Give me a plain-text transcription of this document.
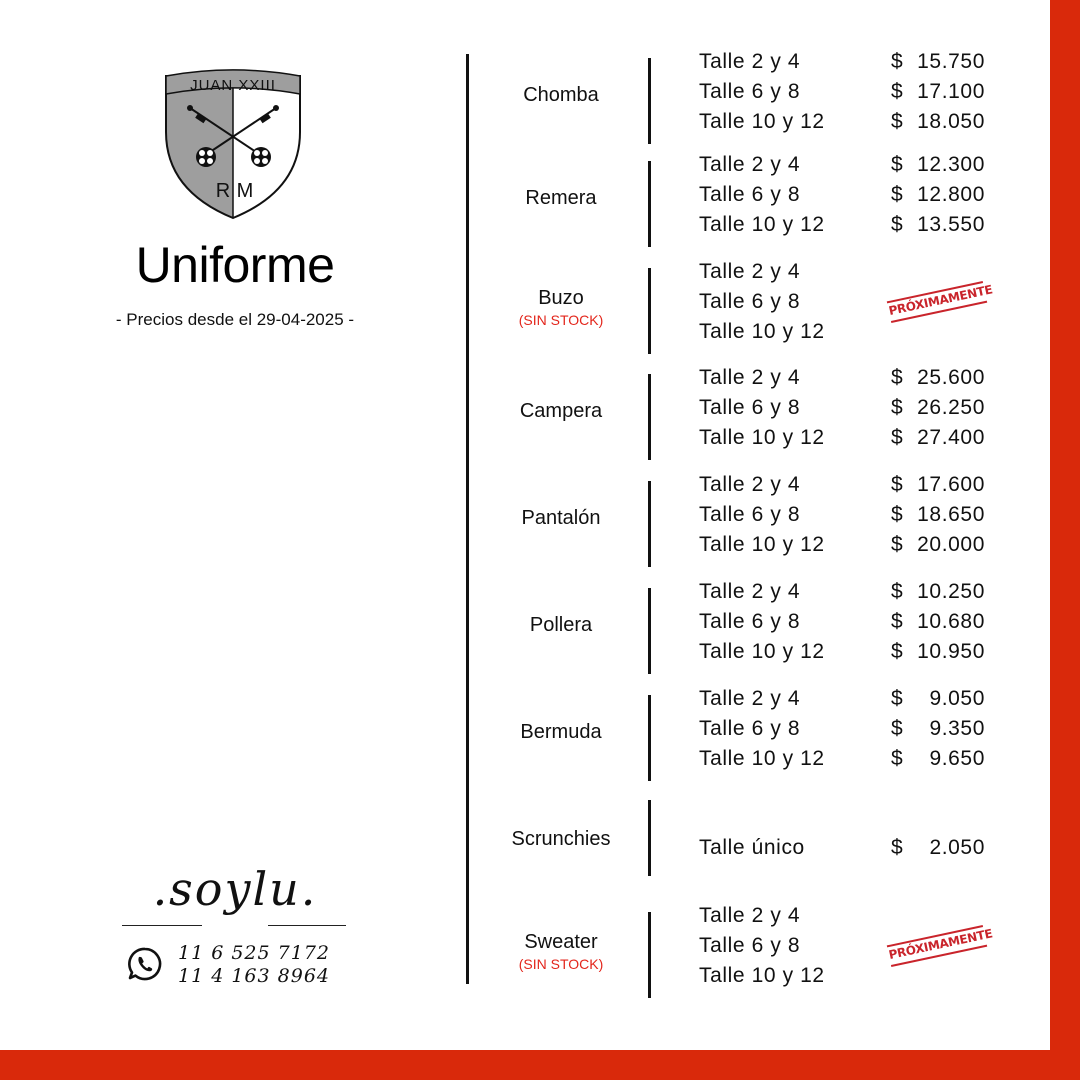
JUAN XXIII
R M
Uniforme
- Precios desde el 29-04-2025 -
.soylu.
11 6 525 7172
11 4 163 8964
Chomba
Talle 2 y 4	$ 15.750
Talle 6 y 8	$ 17.100
Talle 10 y 12	$ 18.050
Remera
Talle 2 y 4	$ 12.300
Talle 6 y 8	$ 12.800
Talle 10 y 12	$ 13.550
Buzo
(SIN STOCK)
Talle 2 y 4
Talle 6 y 8
Talle 10 y 12
PRÓXIMAMENTE
Campera
Talle 2 y 4	$ 25.600
Talle 6 y 8	$ 26.250
Talle 10 y 12	$ 27.400
Pantalón
Talle 2 y 4	$ 17.600
Talle 6 y 8	$ 18.650
Talle 10 y 12	$ 20.000
Pollera
Talle 2 y 4	$ 10.250
Talle 6 y 8	$ 10.680
Talle 10 y 12	$ 10.950
Bermuda
Talle 2 y 4	$ 9.050
Talle 6 y 8	$ 9.350
Talle 10 y 12	$ 9.650
Scrunchies	Talle único	$ 2.050
Sweater
(SIN STOCK)
Talle 2 y 4
Talle 6 y 8
Talle 10 y 12
PRÓXIMAMENTE
